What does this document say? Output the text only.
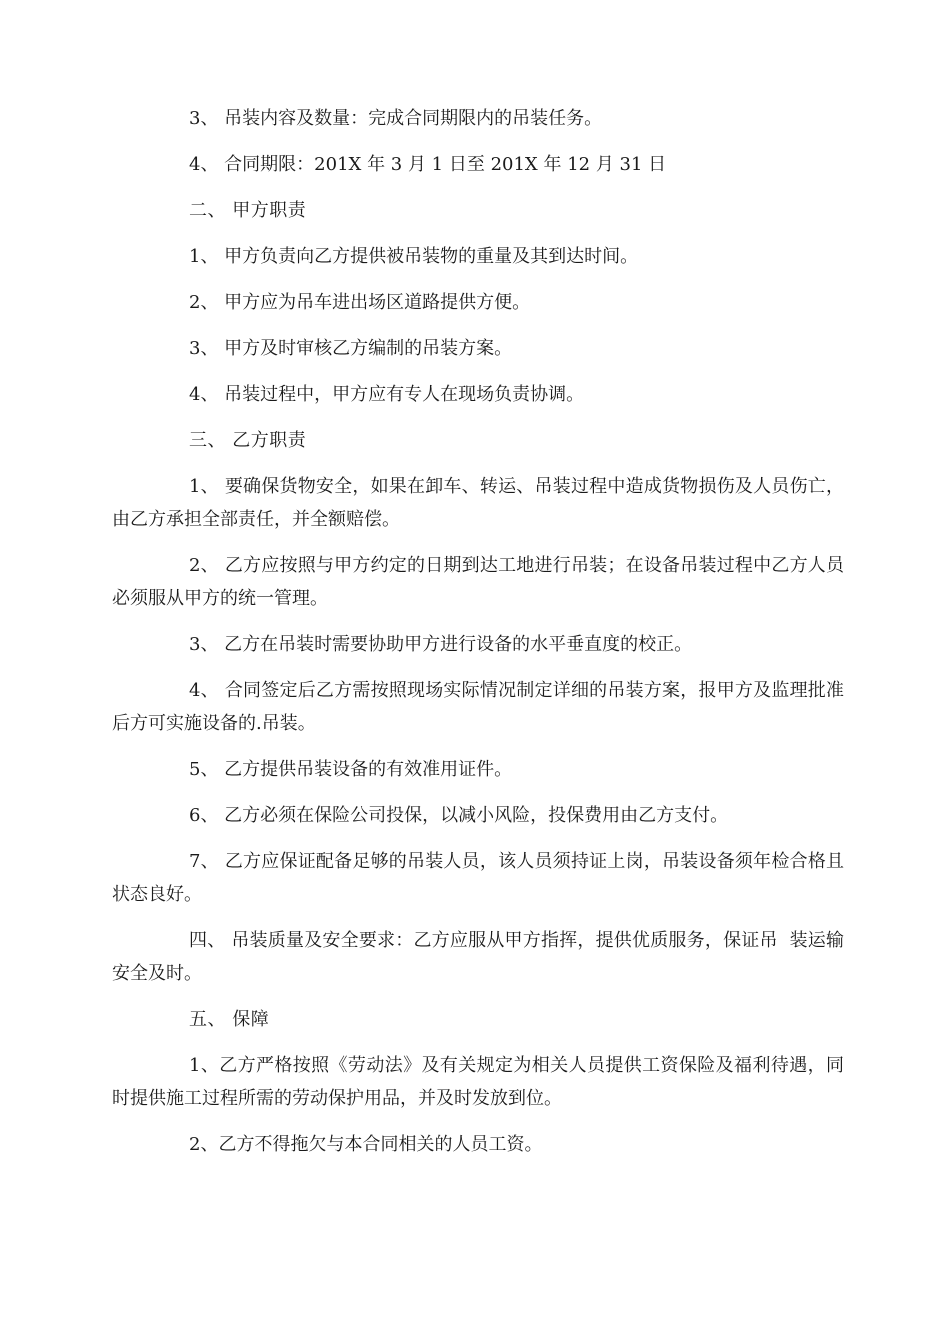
3、 吊装内容及数量：完成合同期限内的吊装任务。

4、 合同期限：201X 年 3 月 1 日至 201X 年 12 月 31 日

二、 甲方职责

1、 甲方负责向乙方提供被吊装物的重量及其到达时间。

2、 甲方应为吊车进出场区道路提供方便。

3、 甲方及时审核乙方编制的吊装方案。

4、 吊装过程中，甲方应有专人在现场负责协调。

三、 乙方职责

1、 要确保货物安全，如果在卸车、转运、吊装过程中造成货物损伤及人员伤亡，由乙方承担全部责任，并全额赔偿。

2、 乙方应按照与甲方约定的日期到达工地进行吊装；在设备吊装过程中乙方人员必须服从甲方的统一管理。

3、 乙方在吊装时需要协助甲方进行设备的水平垂直度的校正。

4、 合同签定后乙方需按照现场实际情况制定详细的吊装方案，报甲方及监理批准后方可实施设备的.吊装。

5、 乙方提供吊装设备的有效准用证件。

6、 乙方必须在保险公司投保，以减小风险，投保费用由乙方支付。

7、 乙方应保证配备足够的吊装人员，该人员须持证上岗，吊装设备须年检合格且状态良好。

四、 吊装质量及安全要求：乙方应服从甲方指挥，提供优质服务，保证吊  装运输安全及时。

五、 保障

1、乙方严格按照《劳动法》及有关规定为相关人员提供工资保险及福利待遇，同时提供施工过程所需的劳动保护用品，并及时发放到位。

2、乙方不得拖欠与本合同相关的人员工资。
